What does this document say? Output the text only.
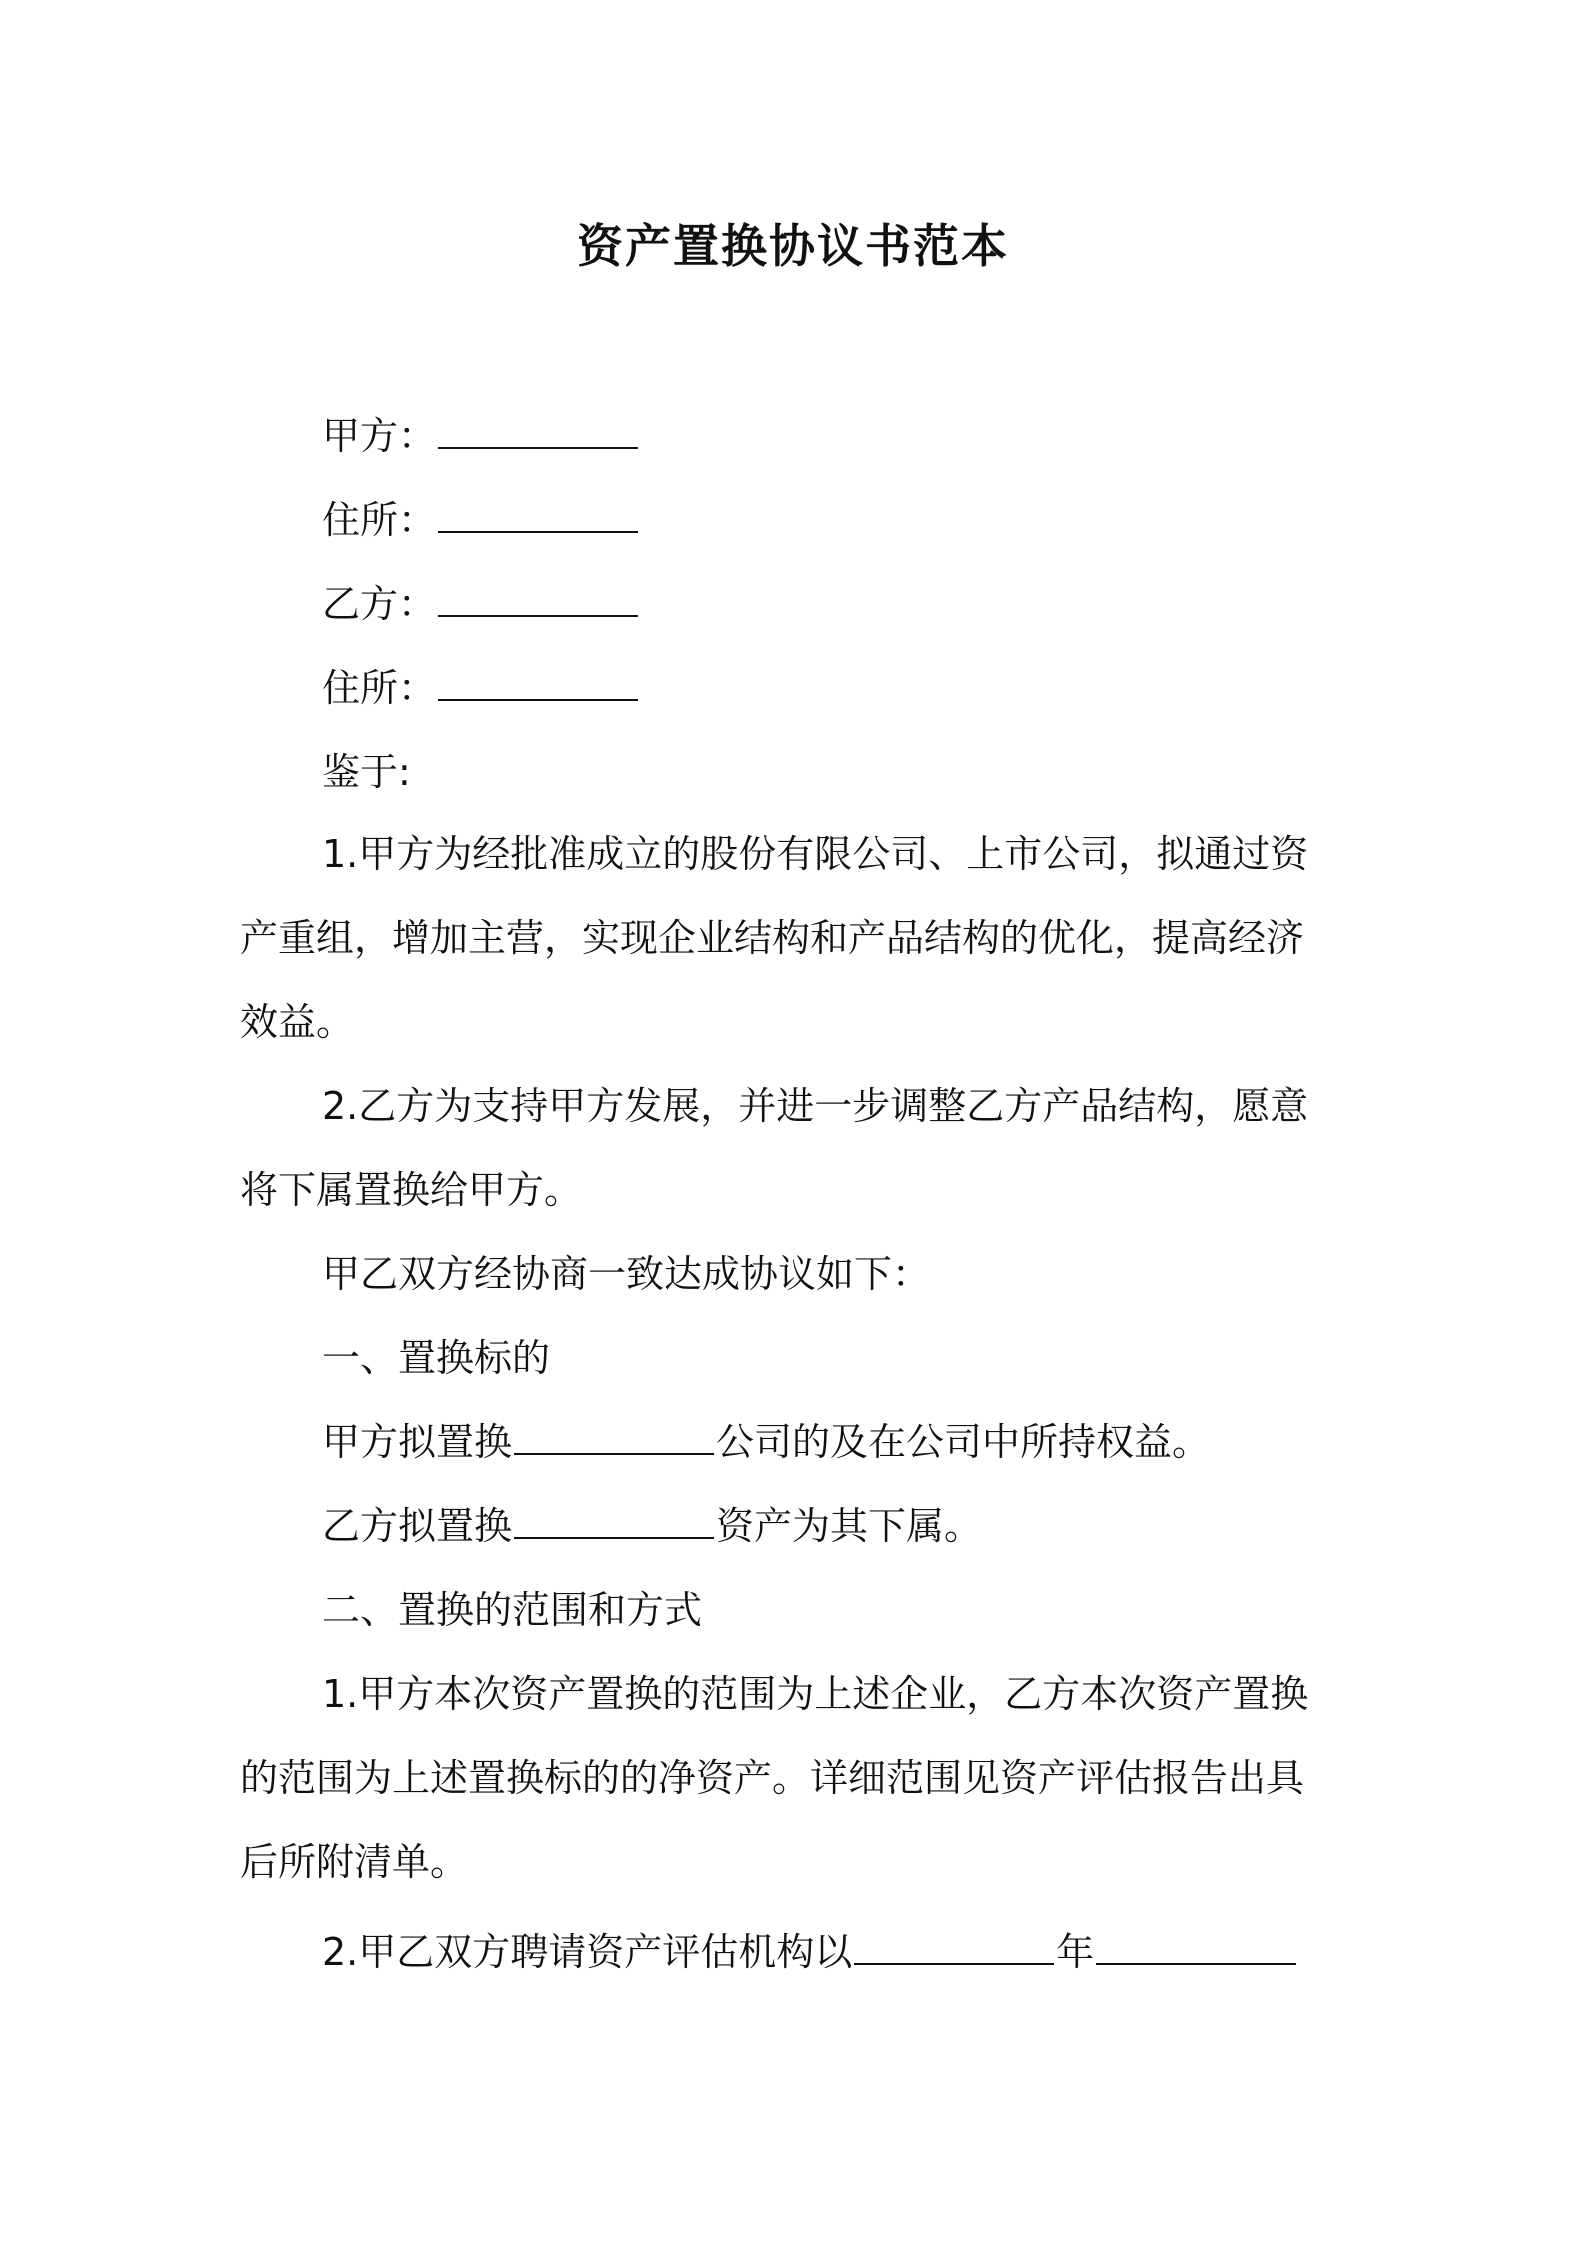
资产置换协议书范本
甲方：
住所：
乙方：
住所：
鉴于:
1.甲方为经批准成立的股份有限公司、上市公司，拟通过资
产重组，增加主营，实现企业结构和产品结构的优化，提高经济
效益。
2.乙方为支持甲方发展，并进一步调整乙方产品结构，愿意
将下属置换给甲方。
甲乙双方经协商一致达成协议如下：
一、置换标的
甲方拟置换	公司的及在公司中所持权益。
乙方拟置换	资产为其下属。
二、置换的范围和方式
1.甲方本次资产置换的范围为上述企业，乙方本次资产置换
的范围为上述置换标的的净资产。详细范围见资产评估报告出具
后所附清单。
2.甲乙双方聘请资产评估机构以	年
